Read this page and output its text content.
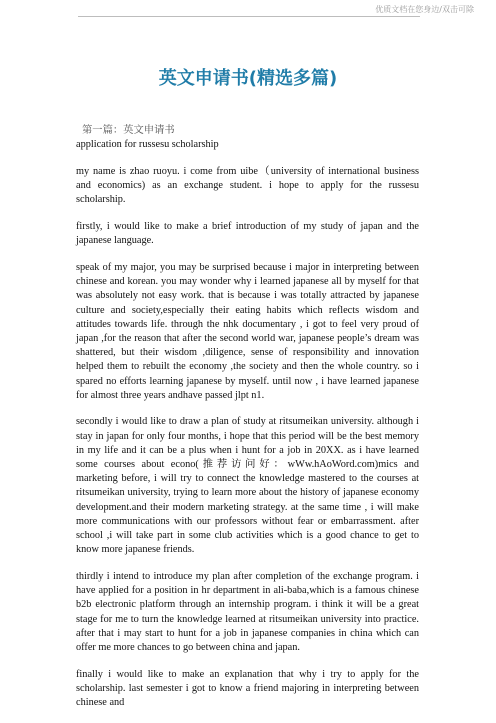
优质文档在您身边/双击可除
英文申请书(精选多篇)

第一篇：英文申请书

application for russesu scholarship

my name is zhao ruoyu. i come from uibe（university of international business and economics) as an exchange student. i hope to apply for the russesu scholarship.

firstly, i would like to make a brief introduction of my study of japan and the japanese language.

speak of my major, you may be surprised because i major in interpreting between chinese and korean. you may wonder why i learned japanese all by myself for that was absolutely not easy work. that is because i was totally attracted by japanese culture and society,especially their eating habits which reflects wisdom and attitudes towards life. through the nhk documentary , i got to feel very proud of japan ,for the reason that after the second world war, japanese people’s dream was shattered, but their wisdom ,diligence, sense of responsibility and innovation helped them to rebuilt the economy ,the society and then the whole country. so i spared no efforts learning japanese by myself. until now , i have learned japanese for almost three years andhave passed jlpt n1.

secondly i would like to draw a plan of study at ritsumeikan university. although i stay in japan for only four months, i hope that this period will be the best memory in my life and it can be a plus when i hunt for a job in 20XX. as i have learned some courses about econo(推荐访问好：wWw.hAoWord.com)mics and marketing before, i will try to connect the knowledge mastered to the courses at ritsumeikan university, trying to learn more about the history of japanese economy development.and their modern marketing strategy. at the same time , i will make more communications with our professors without fear or embarrassment. after school ,i will take part in some club activities which is a good chance to get to know more japanese friends.

thirdly i intend to introduce my plan after completion of the exchange program. i have applied for a position in hr department in ali-baba,which is a famous chinese b2b electronic platform through an internship program. i think it will be a great stage for me to turn the knowledge learned at ritsumeikan university into practice. after that i may start to hunt for a job in japanese companies in china which can offer me more chances to go between china and japan.

finally i would like to make an explanation that why i try to apply for the scholarship. last semester i got to know a friend majoring in interpreting between chinese and
